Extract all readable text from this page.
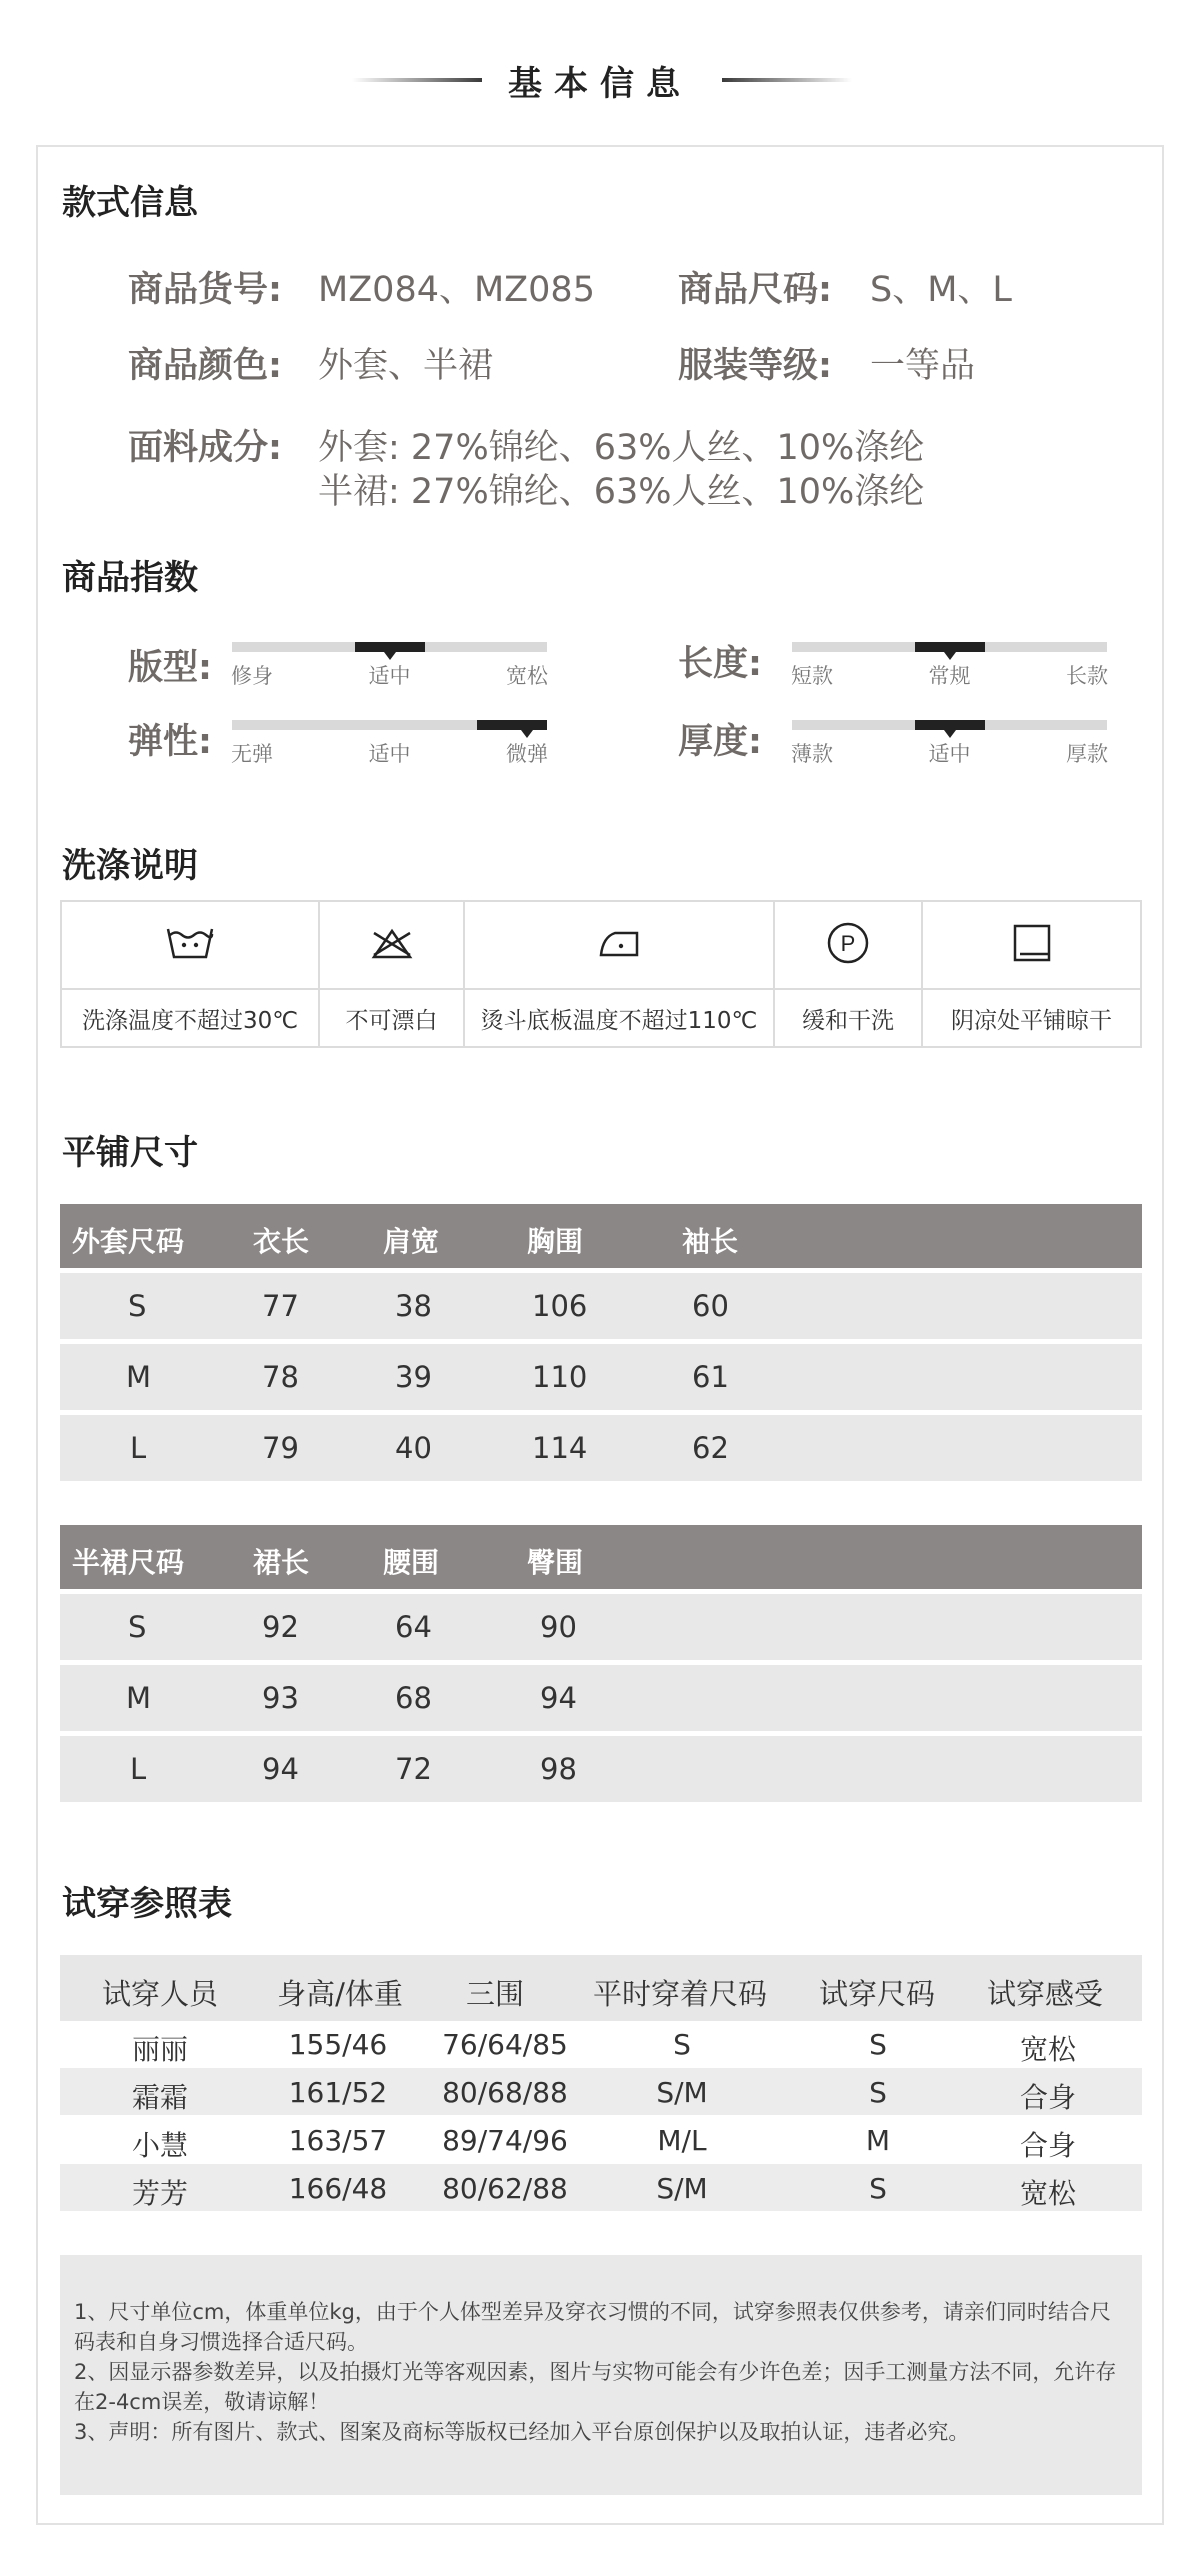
基本信息
款式信息
商品货号: MZ084、MZ085 商品尺码: S、M、L
商品颜色: 外套、半裙	服装等级: 一等品
面料成分: 外套: 27%锦纶、63%人丝、10%涤纶
半裙: 27%锦纶、63%人丝、10%涤纶
商品指数
版型: 修身	适中	宽松	长度:	短款	常规	长款
弹性: 无弹	适中	微弹	厚度:	薄款	适中	厚款
洗涤说明

P

洗涤温度不超过30℃	不可漂白	烫斗底板温度不超过110℃	缓和干洗	阴凉处平铺晾干
平铺尺寸
外套尺码 衣长	肩宽	胸围	袖长
S	77	38	106	60
M	78	39	110	61
L	79	40	114	62
半裙尺码 裙长	腰围	臀围
S	92	64	90
M	93	68	94
L	94	72	98
试穿参照表
试穿人员	身高/体重	三围	平时穿着尺码	试穿尺码	试穿感受
丽丽	155/46	76/64/85	S	S	宽松
霜霜	161/52	80/68/88	S/M	S	合身
小慧	163/57	89/74/96	M/L	M	合身
芳芳	166/48	80/62/88	S/M	S	宽松

1、尺寸单位cm，体重单位kg，由于个人体型差异及穿衣习惯的不同，试穿参照表仅供参考，请亲们同时结合尺码表和自身习惯选择合适尺码。

2、因显示器参数差异，以及拍摄灯光等客观因素，图片与实物可能会有少许色差；因手工测量方法不同，允许存在2-4cm误差，敬请谅解！

3、声明：所有图片、款式、图案及商标等版权已经加入平台原创保护以及取拍认证，违者必究。
